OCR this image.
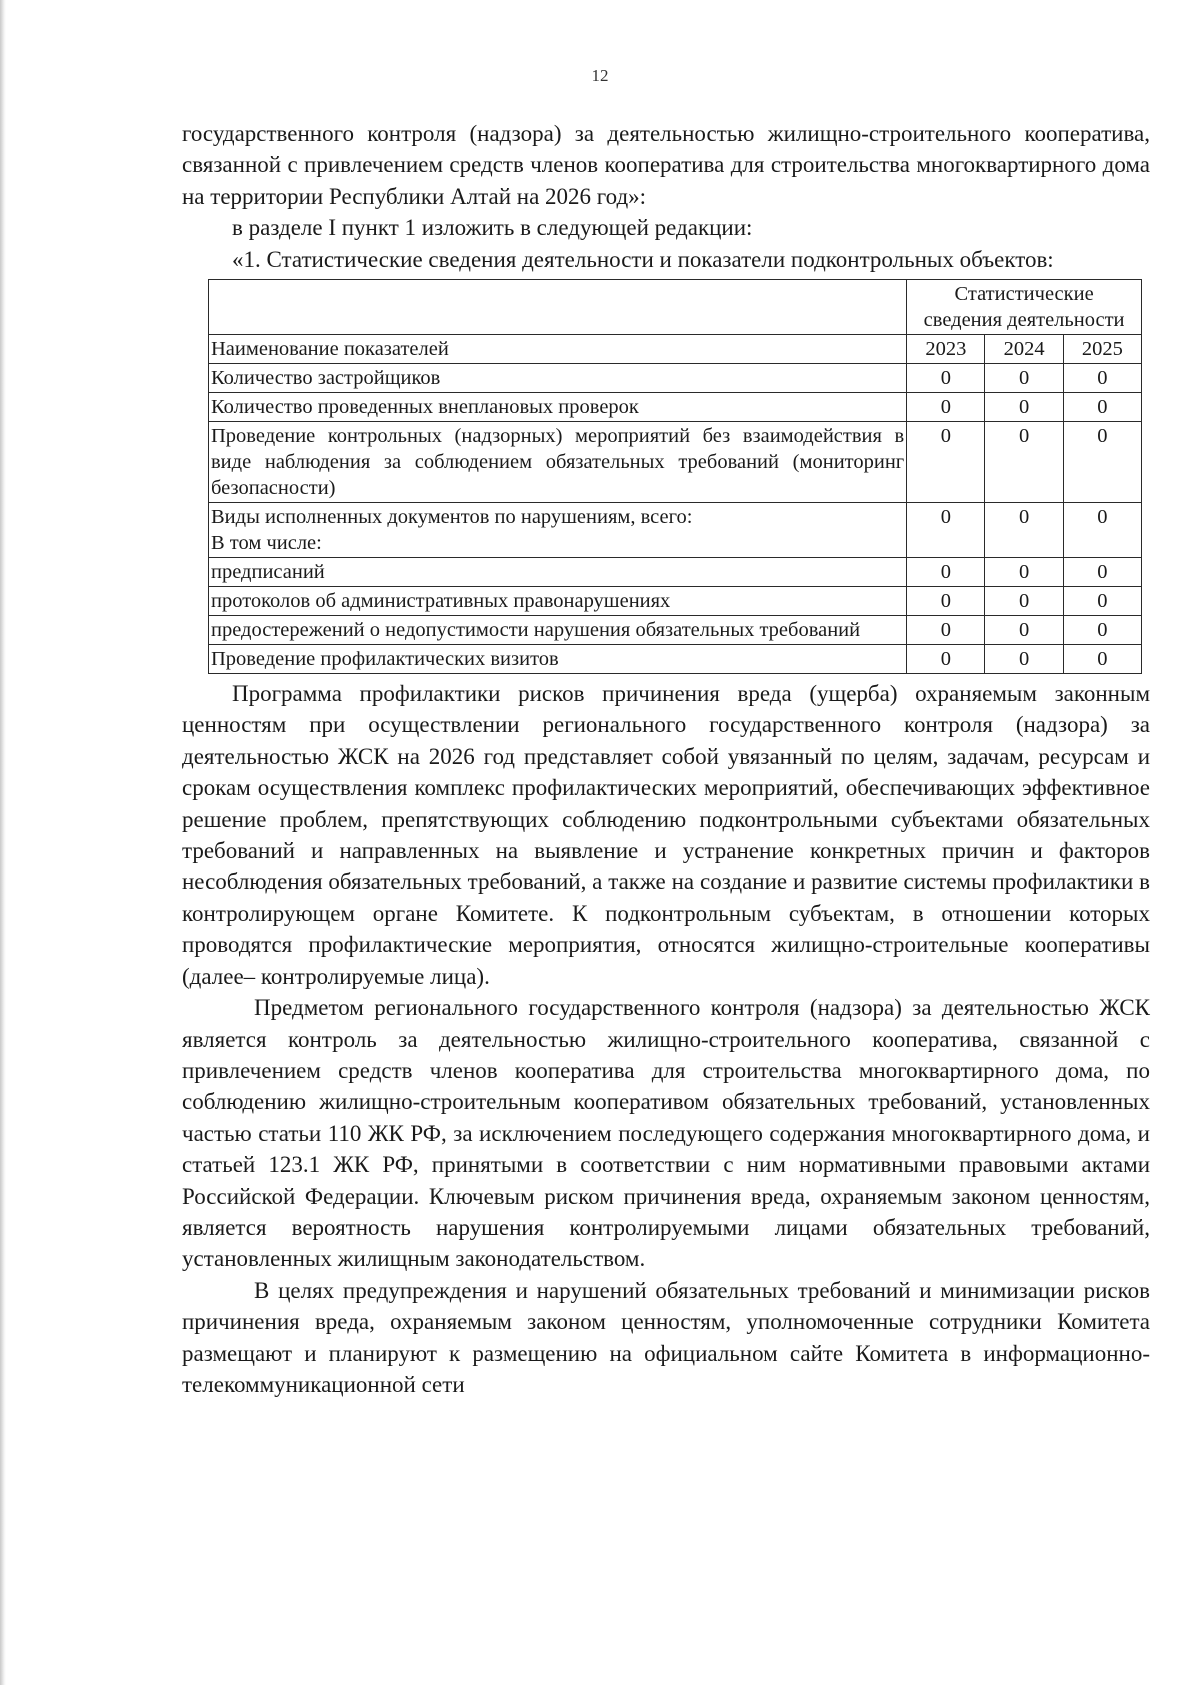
12

государственного контроля (надзора) за деятельностью жилищно-строительного кооператива, связанной с привлечением средств членов кооператива для строительства многоквартирного дома на территории Республики Алтай на 2026 год»:

в разделе I пункт 1 изложить в следующей редакции:

«1. Статистические сведения деятельности и показатели подконтрольных объектов:

	Статистические
сведения деятельности		

Наименование показателей	2023	2024	2025
Количество застройщиков	0	0	0
Количество проведенных внеплановых проверок	0	0	0
Проведение контрольных (надзорных) мероприятий без взаимодействия в виде наблюдения за соблюдением обязательных требований (мониторинг безопасности)	0	0	0

Виды исполненных документов по нарушениям, всего:
В том числе:	0	0	0
предписаний	0	0	0
протоколов об административных правонарушениях	0	0	0
предостережений о недопустимости нарушения обязательных требований	0	0	0
Проведение профилактических визитов	0	0	0

Программа профилактики рисков причинения вреда (ущерба) охраняемым законным ценностям при осуществлении регионального государственного контроля (надзора) за деятельностью ЖСК на 2026 год представляет собой увязанный по целям, задачам, ресурсам и срокам осуществления комплекс профилактических мероприятий, обеспечивающих эффективное решение проблем, препятствующих соблюдению подконтрольными субъектами обязательных требований и направленных на выявление и устранение конкретных причин и факторов несоблюдения обязательных требований, а также на создание и развитие системы профилактики в контролирующем органе Комитете. К подконтрольным субъектам, в отношении которых проводятся профилактические мероприятия, относятся жилищно-строительные кооперативы (далее– контролируемые лица).

Предметом регионального государственного контроля (надзора) за деятельностью ЖСК является контроль за деятельностью жилищно-строительного кооператива, связанной с привлечением средств членов кооператива для строительства многоквартирного дома, по соблюдению жилищно-строительным кооперативом обязательных требований, установленных частью статьи 110 ЖК РФ, за исключением последующего содержания многоквартирного дома, и статьей 123.1 ЖК РФ, принятыми в соответствии с ним нормативными правовыми актами Российской Федерации. Ключевым риском причинения вреда, охраняемым законом ценностям, является вероятность нарушения контролируемыми лицами обязательных требований, установленных жилищным законодательством.

В целях предупреждения и нарушений обязательных требований и минимизации рисков причинения вреда, охраняемым законом ценностям, уполномоченные сотрудники Комитета размещают и планируют к размещению на официальном сайте Комитета в информационно-телекоммуникационной сети
